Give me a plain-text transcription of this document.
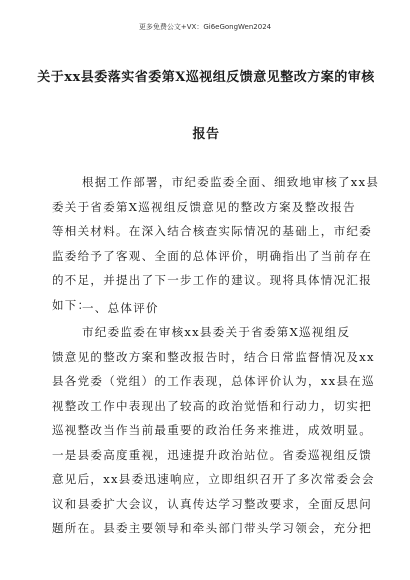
更多免费公文+VX：Gi6eGongWen2024
关于xx县委落实省委第X巡视组反馈意见整改方案的审核
报告
根据工作部署，市纪委监委全面、细致地审核了xx县
委关于省委第X巡视组反馈意见的整改方案及整改报告
等相关材料。在深入结合核查实际情况的基础上，市纪委
监委给予了客观、全面的总体评价，明确指出了当前存在
的不足，并提出了下一步工作的建议。现将具体情况汇报
如下：
一、总体评价
市纪委监委在审核xx县委关于省委第X巡视组反
馈意见的整改方案和整改报告时，结合日常监督情况及xx
县各党委（党组）的工作表现，总体评价认为，xx县在巡
视整改工作中表现出了较高的政治觉悟和行动力，切实把
巡视整改当作当前最重要的政治任务来推进，成效明显。
一是县委高度重视，迅速提升政治站位。省委巡视组反馈
意见后，xx县委迅速响应，立即组织召开了多次常委会会
议和县委扩大会议，认真传达学习整改要求，全面反思问
题所在。县委主要领导和牵头部门带头学习领会，充分把
